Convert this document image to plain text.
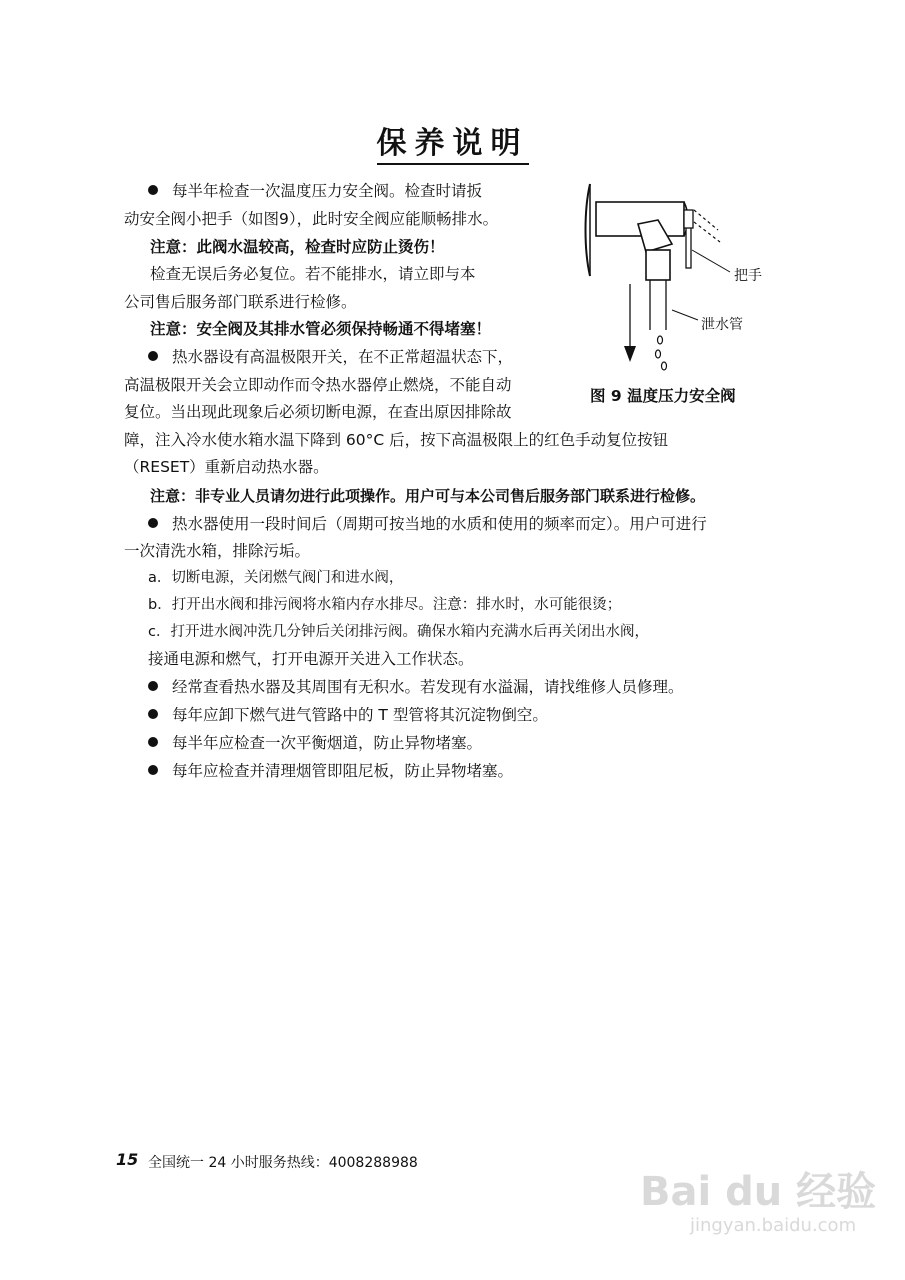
保养说明
每半年检查一次温度压力安全阀。检查时请扳
动安全阀小把手（如图9），此时安全阀应能顺畅排水。
注意：此阀水温较高，检查时应防止烫伤！
检查无误后务必复位。若不能排水，请立即与本
公司售后服务部门联系进行检修。
注意：安全阀及其排水管必须保持畅通不得堵塞！
热水器设有高温极限开关，在不正常超温状态下，
高温极限开关会立即动作而令热水器停止燃烧，不能自动
复位。当出现此现象后必须切断电源，在查出原因排除故
障，注入冷水使水箱水温下降到 60°C 后，按下高温极限上的红色手动复位按钮
（RESET）重新启动热水器。
注意：非专业人员请勿进行此项操作。用户可与本公司售后服务部门联系进行检修。
热水器使用一段时间后（周期可按当地的水质和使用的频率而定）。用户可进行
一次清洗水箱，排除污垢。
a．切断电源，关闭燃气阀门和进水阀，
b．打开出水阀和排污阀将水箱内存水排尽。注意：排水时，水可能很烫；
c．打开进水阀冲洗几分钟后关闭排污阀。确保水箱内充满水后再关闭出水阀，
接通电源和燃气，打开电源开关进入工作状态。
经常查看热水器及其周围有无积水。若发现有水溢漏，请找维修人员修理。
每年应卸下燃气进气管路中的 T 型管将其沉淀物倒空。
每半年应检查一次平衡烟道，防止异物堵塞。
每年应检查并清理烟管即阻尼板，防止异物堵塞。
把手
泄水管
图 9 温度压力安全阀
15 全国统一 24 小时服务热线：4008288988
Bai du 经验
jingyan.baidu.com
